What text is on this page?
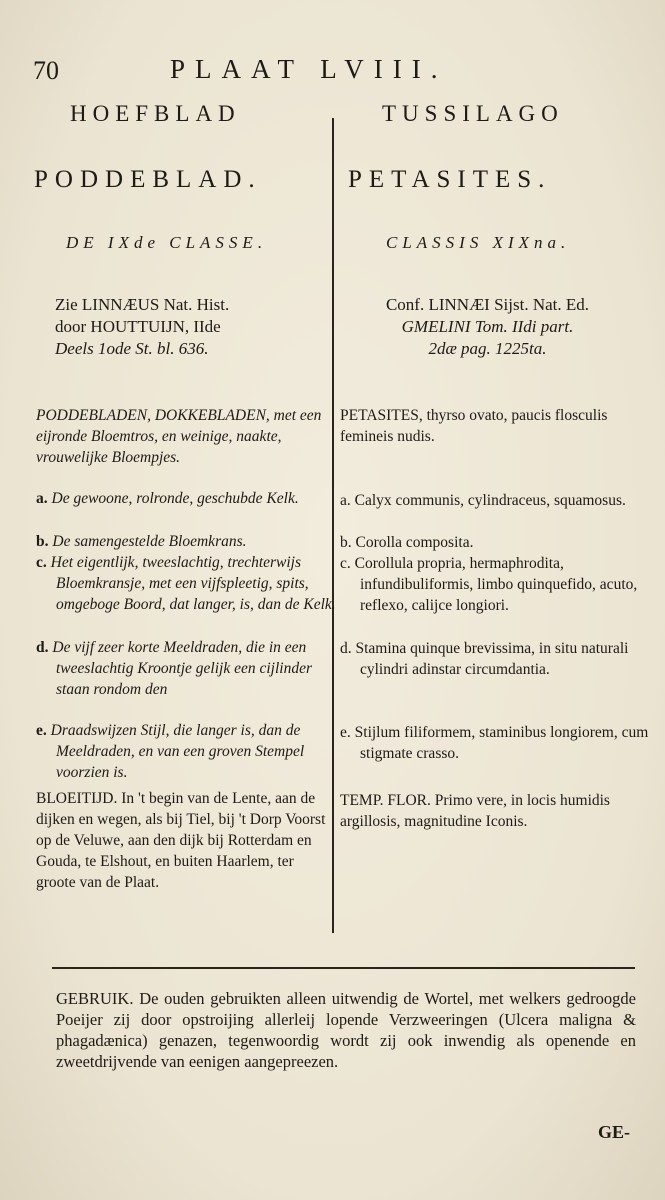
70	PLAAT LVIII.
HOEFBLAD
PODDEBLAD.
DE IXde CLASSE.
TUSSILAGO
PETASITES.
CLASSIS XIXna.
Zie LINNÆUS Nat. Hist.
door HOUTTUIJN, IIde
Deels 1ode St. bl. 636.
Conf. LINNÆI Sijst. Nat. Ed.
GMELINI Tom. IIdi part.
2dæ pag. 1225ta.
PODDEBLADEN, DOKKEBLADEN, met een eijronde Bloemtros, en weinige, naakte, vrouwelijke Bloempjes.
a. De gewoone, rolronde, geschubde Kelk.
b. De samengestelde Bloemkrans.
c. Het eigentlijk, tweeslachtig, trechterwijs Bloemkransje, met een vijfspleetig, spits, omgeboge Boord, dat langer, is, dan de Kelk.
d. De vijf zeer korte Meeldraden, die in een tweeslachtig Kroontje gelijk een cijlinder staan rondom den
e. Draadswijzen Stijl, die langer is, dan de Meeldraden, en van een groven Stempel voorzien is.
BLOEITIJD. In 't begin van de Lente, aan de dijken en wegen, als bij Tiel, bij 't Dorp Voorst op de Veluwe, aan den dijk bij Rotterdam en Gouda, te Elshout, en buiten Haarlem, ter groote van de Plaat.
PETASITES, thyrso ovato, paucis flosculis femineis nudis.
a. Calyx communis, cylindraceus, squamosus.
b. Corolla composita.
c. Corollula propria, hermaphrodita, infundibuliformis, limbo quinquefido, acuto, reflexo, calijce longiori.
d. Stamina quinque brevissima, in situ naturali cylindri adinstar circumdantia.
e. Stijlum filiformem, staminibus longiorem, cum stigmate crasso.
TEMP. FLOR. Primo vere, in locis humidis argillosis, magnitudine Iconis.
GEBRUIK. De ouden gebruikten alleen uitwendig de Wortel, met welkers gedroogde Poeijer zij door opstroijing allerleij lopende Verzweeringen (Ulcera maligna & phagadænica) genazen, tegenwoordig wordt zij ook inwendig als openende en zweetdrijvende van eenigen aangepreezen.
GE-
